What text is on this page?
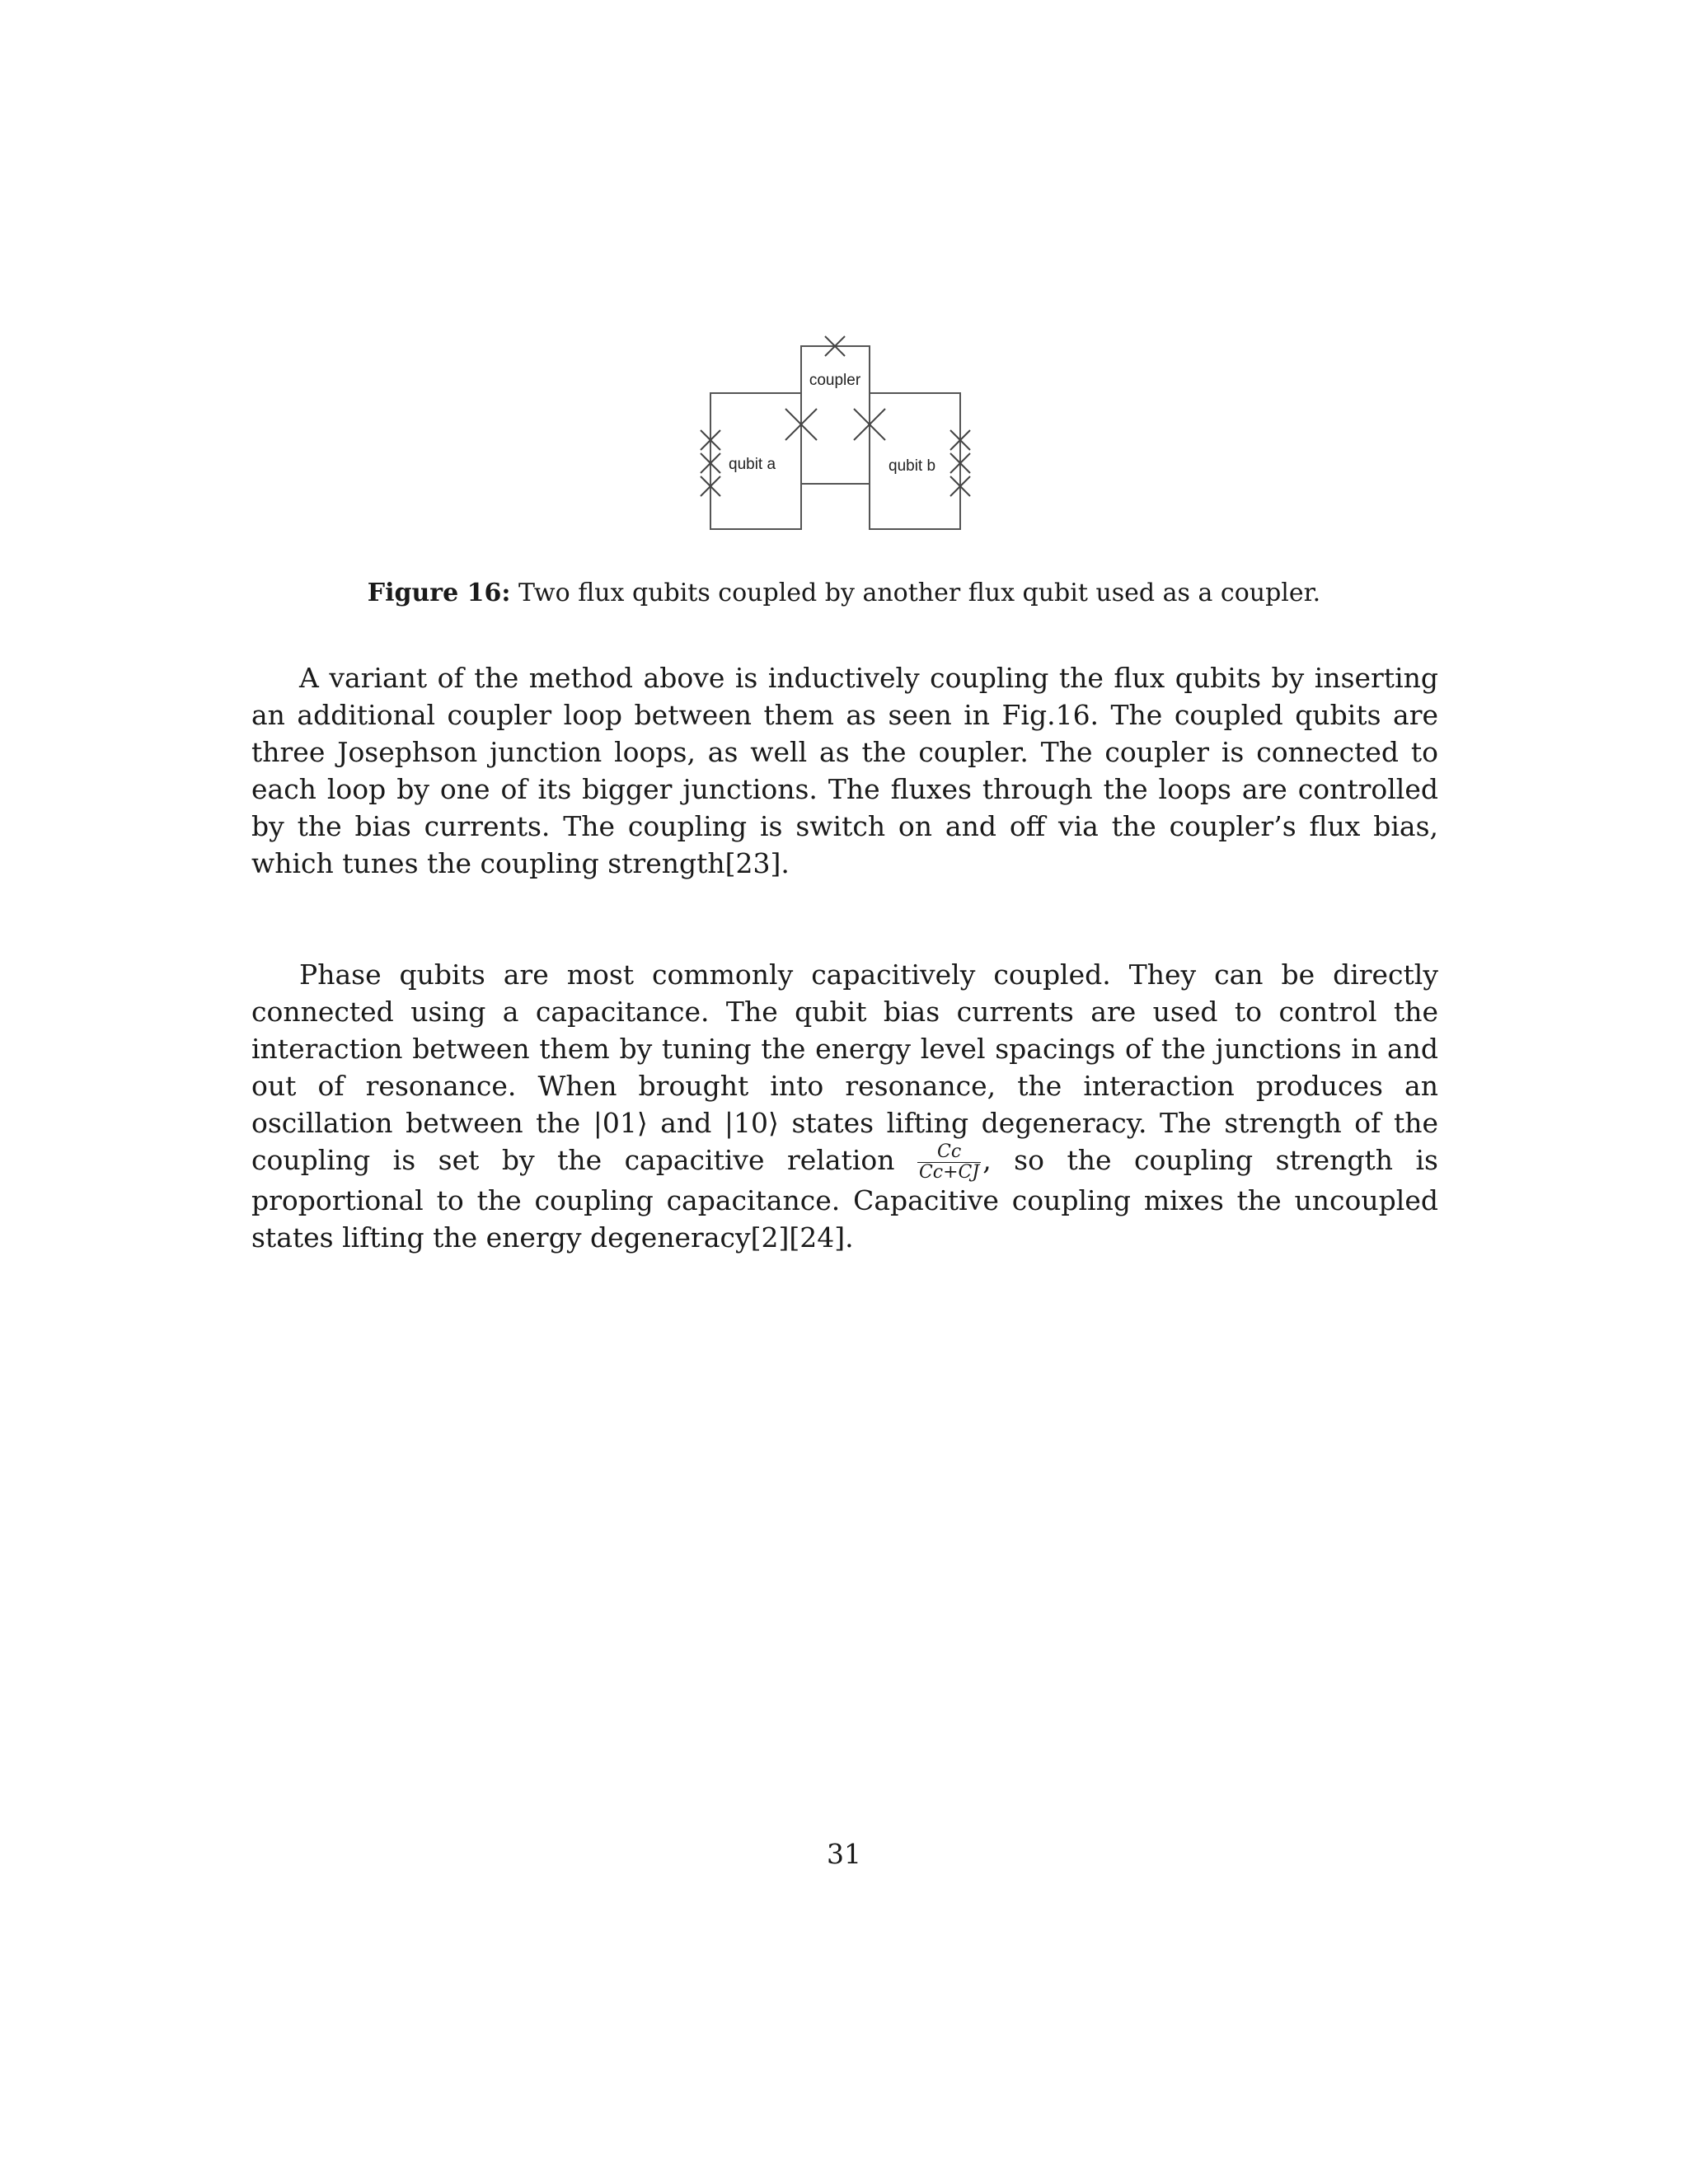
coupler
qubit a	qubit b
Figure 16: Two flux qubits coupled by another flux qubit used as a coupler.

A variant of the method above is inductively coupling the flux qubits by inserting an additional coupler loop between them as seen in Fig.16. The coupled qubits are three Josephson junction loops, as well as the coupler. The coupler is connected to each loop by one of its bigger junctions. The fluxes through the loops are controlled by the bias currents. The coupling is switch on and off via the coupler’s flux bias, which tunes the coupling strength[23].

Phase qubits are most commonly capacitively coupled. They can be directly connected using a capacitance. The qubit bias currents are used to control the interaction between them by tuning the energy level spacings of the junctions in and out of resonance. When brought into resonance, the interaction produces an oscillation between the |01⟩ and |10⟩ states lifting degeneracy. The strength of the coupling is set by the capacitive relation $\frac{Cc}{Cc+CJ}$ , so the coupling strength is proportional to the coupling capacitance. Capacitive coupling mixes the uncoupled states lifting the energy degeneracy[2][24].

31
